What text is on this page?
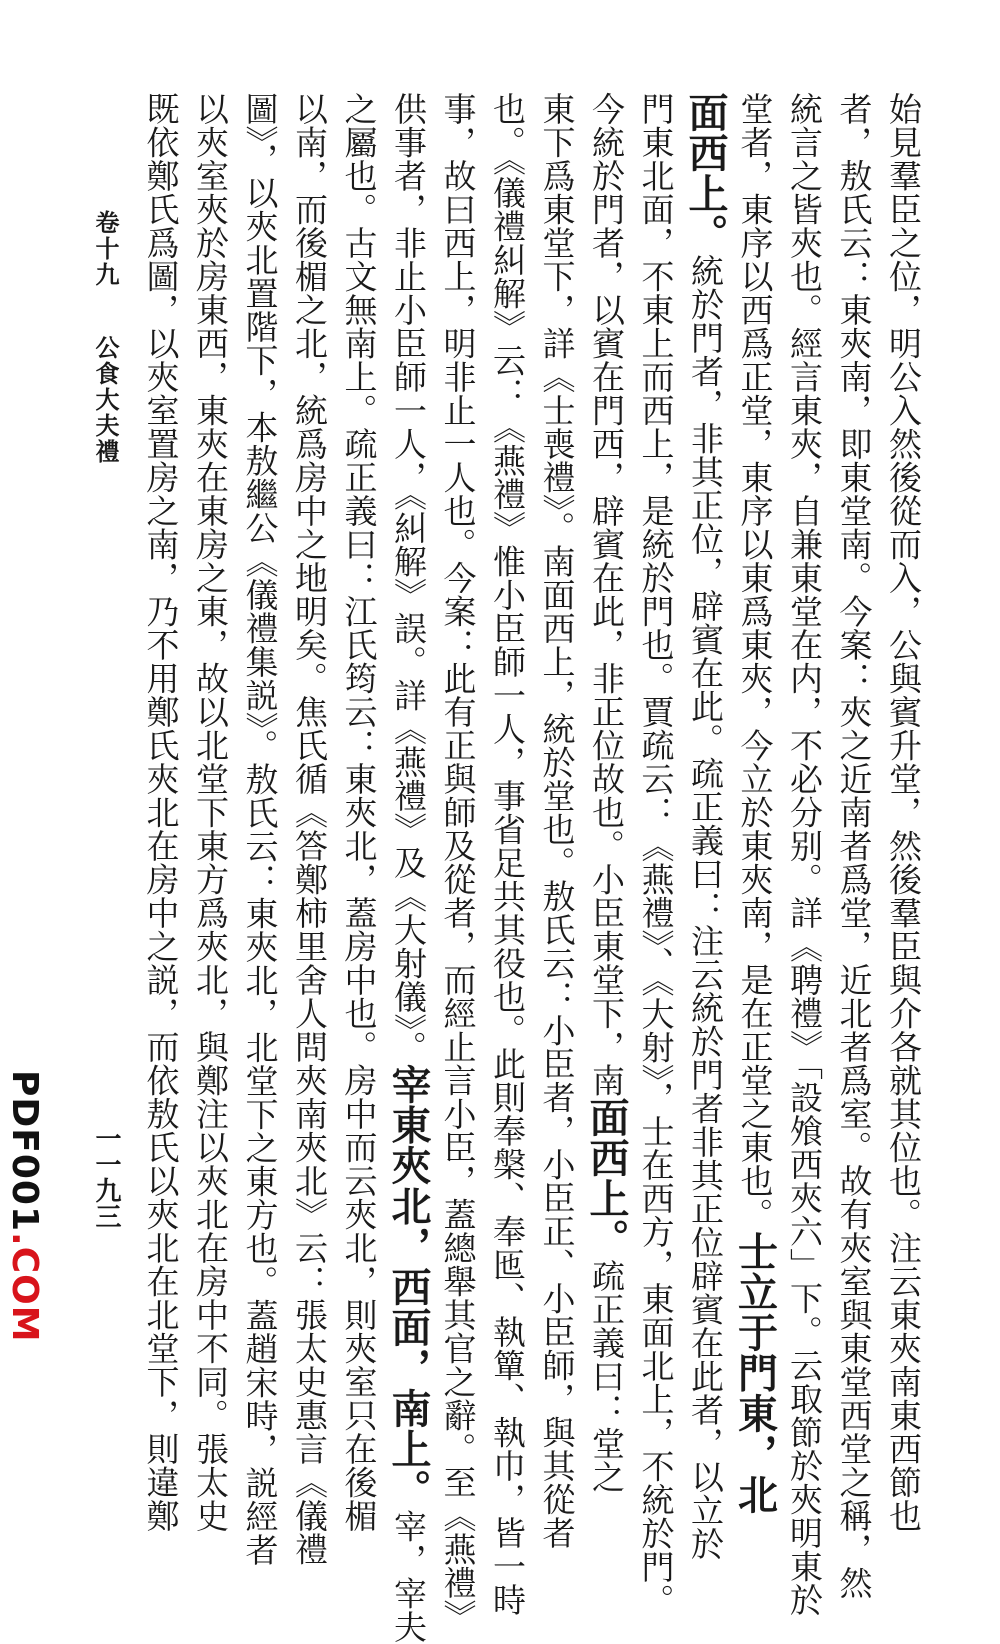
始見羣臣之位，明公入然後從而入，公與賓升堂，然後羣臣與介各就其位也。注云東夾南東西節也
者，敖氏云：東夾南，即東堂南。今案：夾之近南者爲堂，近北者爲室。故有夾室與東堂西堂之稱，然
統言之皆夾也。經言東夾，自兼東堂在内，不必分别。詳《聘禮》「設飧西夾六」下。云取節於夾明東於
堂者，東序以西爲正堂，東序以東爲東夾，今立於東夾南，是在正堂之東也。士立于門東，北
面西上。統於門者，非其正位，辟賓在此。疏正義曰：注云統於門者非其正位辟賓在此者，以立於
門東北面，不東上而西上，是統於門也。賈疏云：《燕禮》、《大射》，士在西方，東面北上，不統於門。
今統於門者，以賓在門西，辟賓在此，非正位故也。小臣東堂下，南面西上。疏正義曰：堂之
東下爲東堂下，詳《士喪禮》。南面西上，統於堂也。敖氏云：小臣者，小臣正、小臣師，與其從者
也。《儀禮糾解》云：《燕禮》惟小臣師一人，事省足共其役也。此則奉槃、奉匜、執簞、執巾，皆一時
事，故曰西上，明非止一人也。今案：此有正與師及從者，而經止言小臣，蓋總舉其官之辭。至《燕禮》
供事者，非止小臣師一人，《糾解》誤。詳《燕禮》及《大射儀》。宰東夾北，西面，南上。宰，宰夫
之屬也。古文無南上。疏正義曰：江氏筠云：東夾北，蓋房中也。房中而云夾北，則夾室只在後楣
以南，而後楣之北，統爲房中之地明矣。焦氏循《答鄭柿里舍人問夾南夾北》云：張太史惠言《儀禮
圖》，以夾北置階下，本敖繼公《儀禮集説》。敖氏云：東夾北，北堂下之東方也。蓋趙宋時，説經者
以夾室夾於房東西，東夾在東房之東，故以北堂下東方爲夾北，與鄭注以夾北在房中不同。張太史
既依鄭氏爲圖，以夾室置房之南，乃不用鄭氏夾北在房中之説，而依敖氏以夾北在北堂下，則違鄭
卷十九  公食大夫禮
一一九三
PDF001.COM
